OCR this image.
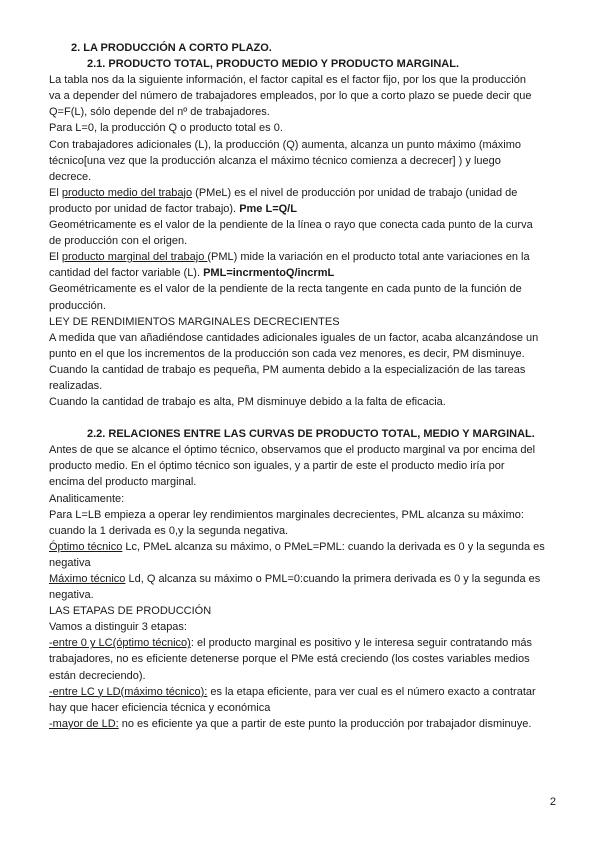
2. LA PRODUCCIÓN A CORTO PLAZO.
2.1. PRODUCTO TOTAL, PRODUCTO MEDIO Y PRODUCTO MARGINAL.
La tabla nos da la siguiente información, el factor capital es el factor fijo, por los que la producción
va a depender del número de trabajadores empleados, por lo que a corto plazo se puede decir que
Q=F(L), sólo depende del nº de trabajadores.
Para L=0, la producción Q o producto total es 0.
Con trabajadores adicionales (L), la producción (Q) aumenta, alcanza un punto máximo (máximo
técnico[una vez que la producción alcanza el máximo técnico comienza a decrecer] ) y luego
decrece.
El producto medio del trabajo (PMeL) es el nivel de producción por unidad de trabajo (unidad de
producto por unidad de factor trabajo). Pme L=Q/L
Geométricamente es el valor de la pendiente de la línea o rayo que conecta cada punto de la curva
de producción con el origen.
El producto marginal del trabajo (PML) mide la variación en el producto total ante variaciones en la
cantidad del factor variable (L). PML=incrmentoQ/incrmL
Geométricamente es el valor de la pendiente de la recta tangente en cada punto de la función de
producción.
LEY DE RENDIMIENTOS MARGINALES DECRECIENTES
A medida que van añadiéndose cantidades adicionales iguales de un factor, acaba alcanzándose un
punto en el que los incrementos de la producción son cada vez menores, es decir, PM disminuye.
Cuando la cantidad de trabajo es pequeña, PM aumenta debido a la especialización de las tareas
realizadas.
Cuando la cantidad de trabajo es alta, PM disminuye debido a la falta de eficacia.
2.2. RELACIONES ENTRE LAS CURVAS DE PRODUCTO TOTAL, MEDIO Y MARGINAL.
Antes de que se alcance el óptimo técnico, observamos que el producto marginal va por encima del
producto medio. En el óptimo técnico son iguales, y a partir de este el producto medio iría por
encima del producto marginal.
Analiticamente:
Para L=LB empieza a operar ley rendimientos marginales decrecientes, PML alcanza su máximo:
cuando la 1 derivada es 0,y la segunda negativa.
Óptimo técnico Lc, PMeL alcanza su máximo, o PMeL=PML: cuando la derivada es 0 y la segunda es
negativa
Máximo técnico Ld, Q alcanza su máximo o PML=0:cuando la primera derivada es 0 y la segunda es
negativa.
LAS ETAPAS DE PRODUCCIÓN
Vamos a distinguir 3 etapas:
-entre 0 y LC(óptimo técnico): el producto marginal es positivo y le interesa seguir contratando más
trabajadores, no es eficiente detenerse porque el PMe está creciendo (los costes variables medios
están decreciendo).
-entre LC y LD(máximo técnico): es la etapa eficiente, para ver cual es el número exacto a contratar
hay que hacer eficiencia técnica y económica
-mayor de LD: no es eficiente ya que a partir de este punto la producción por trabajador disminuye.
2
